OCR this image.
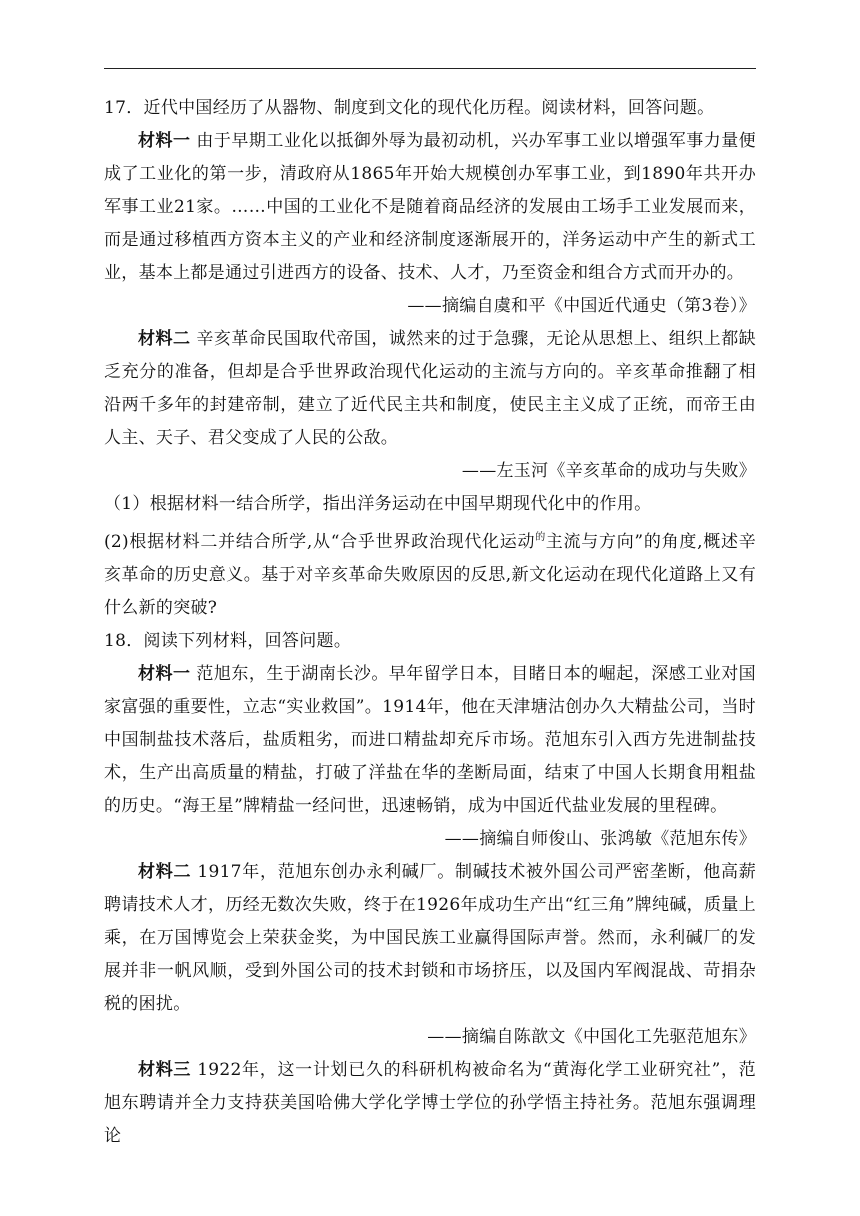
17．近代中国经历了从器物、制度到文化的现代化历程。阅读材料，回答问题。

材料一 由于早期工业化以抵御外辱为最初动机，兴办军事工业以增强军事力量便成了工业化的第一步，清政府从1865年开始大规模创办军事工业，到1890年共开办军事工业21家。……中国的工业化不是随着商品经济的发展由工场手工业发展而来，而是通过移植西方资本主义的产业和经济制度逐渐展开的，洋务运动中产生的新式工业，基本上都是通过引进西方的设备、技术、人才，乃至资金和组合方式而开办的。

——摘编自虞和平《中国近代通史（第3卷）》

材料二 辛亥革命民国取代帝国，诚然来的过于急骤，无论从思想上、组织上都缺乏充分的准备，但却是合乎世界政治现代化运动的主流与方向的。辛亥革命推翻了相沿两千多年的封建帝制，建立了近代民主共和制度，使民主主义成了正统，而帝王由人主、天子、君父变成了人民的公敌。

——左玉河《辛亥革命的成功与失败》

（1）根据材料一结合所学，指出洋务运动在中国早期现代化中的作用。

(2)根据材料二并结合所学,从“合乎世界政治现代化运动$^的$主流与方向”的角度,概述辛亥革命的历史意义。基于对辛亥革命失败原因的反思,新文化运动在现代化道路上又有什么新的突破?

18．阅读下列材料，回答问题。

材料一 范旭东，生于湖南长沙。早年留学日本，目睹日本的崛起，深感工业对国家富强的重要性，立志“实业救国”。1914年，他在天津塘沽创办久大精盐公司，当时中国制盐技术落后，盐质粗劣，而进口精盐却充斥市场。范旭东引入西方先进制盐技术，生产出高质量的精盐，打破了洋盐在华的垄断局面，结束了中国人长期食用粗盐的历史。“海王星”牌精盐一经问世，迅速畅销，成为中国近代盐业发展的里程碑。

——摘编自师俊山、张鸿敏《范旭东传》

材料二 1917年，范旭东创办永利碱厂。制碱技术被外国公司严密垄断，他高薪聘请技术人才，历经无数次失败，终于在1926年成功生产出“红三角”牌纯碱，质量上乘，在万国博览会上荣获金奖，为中国民族工业赢得国际声誉。然而，永利碱厂的发展并非一帆风顺，受到外国公司的技术封锁和市场挤压，以及国内军阀混战、苛捐杂税的困扰。

——摘编自陈歆文《中国化工先驱范旭东》

材料三 1922年，这一计划已久的科研机构被命名为“黄海化学工业研究社”，范旭东聘请并全力支持获美国哈佛大学化学博士学位的孙学悟主持社务。范旭东强调理论
